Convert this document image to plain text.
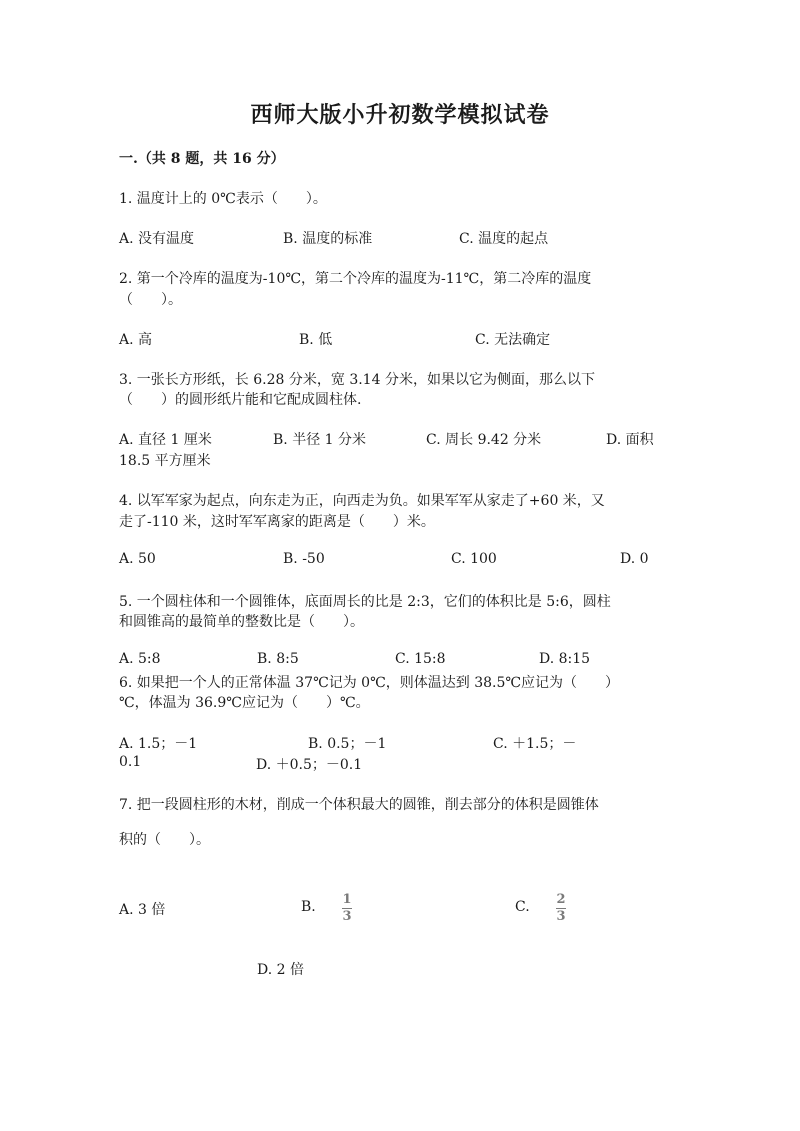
西师大版小升初数学模拟试卷
一.（共 8 题，共 16 分）
1. 温度计上的 0℃表示（　　）。
A. 没有温度	B. 温度的标准	C. 温度的起点
2. 第一个冷库的温度为-10℃，第二个冷库的温度为-11℃，第二冷库的温度
（　　）。
A. 高	B. 低	C. 无法确定
3. 一张长方形纸，长 6.28 分米，宽 3.14 分米，如果以它为侧面，那么以下
（　　）的圆形纸片能和它配成圆柱体.
A. 直径 1 厘米	B. 半径 1 分米	C. 周长 9.42 分米	D. 面积
18.5 平方厘米
4. 以军军家为起点，向东走为正，向西走为负。如果军军从家走了+60 米，又
走了-110 米，这时军军离家的距离是（　　）米。
A. 50	B. -50	C. 100	D. 0
5. 一个圆柱体和一个圆锥体，底面周长的比是 2:3，它们的体积比是 5:6，圆柱
和圆锥高的最简单的整数比是（　　）。
A. 5:8	B. 8:5	C. 15:8	D. 8:15
6. 如果把一个人的正常体温 37℃记为 0℃，则体温达到 38.5℃应记为（　　）
℃，体温为 36.9℃应记为（　　）℃。
A. 1.5；－1	B. 0.5；－1	C. ＋1.5；－
0.1	D. ＋0.5；－0.1
7. 把一段圆柱形的木材，削成一个体积最大的圆锥，削去部分的体积是圆锥体
积的（　　）。
A. 3 倍	B. 1
3
C. 2
3
D. 2 倍
